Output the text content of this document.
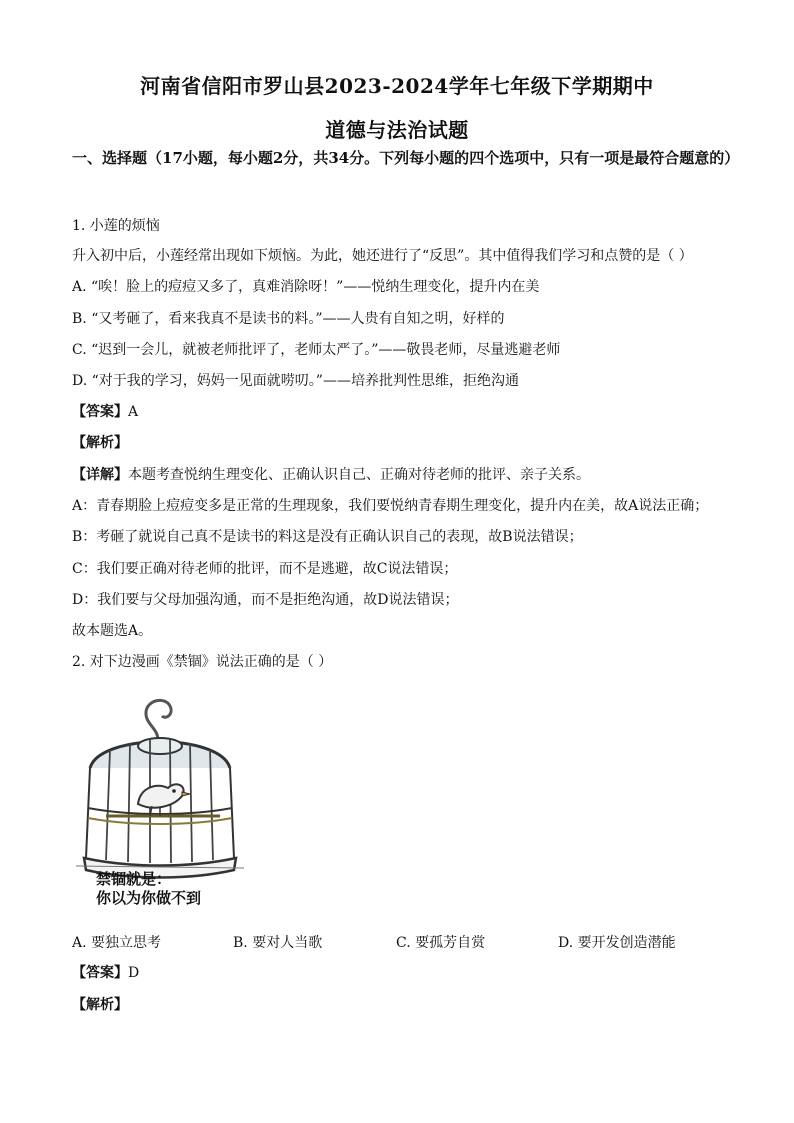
河南省信阳市罗山县2023-2024学年七年级下学期期中
道德与法治试题
一、选择题（17小题，每小题2分，共34分。下列每小题的四个选项中，只有一项是最符合题意的）
1. 小莲的烦恼
升入初中后，小莲经常出现如下烦恼。为此，她还进行了“反思”。其中值得我们学习和点赞的是（ ）
A. “唉！脸上的痘痘又多了，真难消除呀！”——悦纳生理变化，提升内在美
B. “又考砸了，看来我真不是读书的料。”——人贵有自知之明，好样的
C. “迟到一会儿，就被老师批评了，老师太严了。”——敬畏老师，尽量逃避老师
D. “对于我的学习，妈妈一见面就唠叨。”——培养批判性思维，拒绝沟通
【答案】A
【解析】
【详解】本题考查悦纳生理变化、正确认识自己、正确对待老师的批评、亲子关系。
A：青春期脸上痘痘变多是正常的生理现象，我们要悦纳青春期生理变化，提升内在美，故A说法正确；
B：考砸了就说自己真不是读书的料这是没有正确认识自己的表现，故B说法错误；
C：我们要正确对待老师的批评，而不是逃避，故C说法错误；
D：我们要与父母加强沟通，而不是拒绝沟通，故D说法错误；
故本题选A。
2. 对下边漫画《禁锢》说法正确的是（ ）
禁锢就是：
你以为你做不到
A. 要独立思考	B. 要对人当歌	C. 要孤芳自赏	D. 要开发创造潜能
【答案】D
【解析】
